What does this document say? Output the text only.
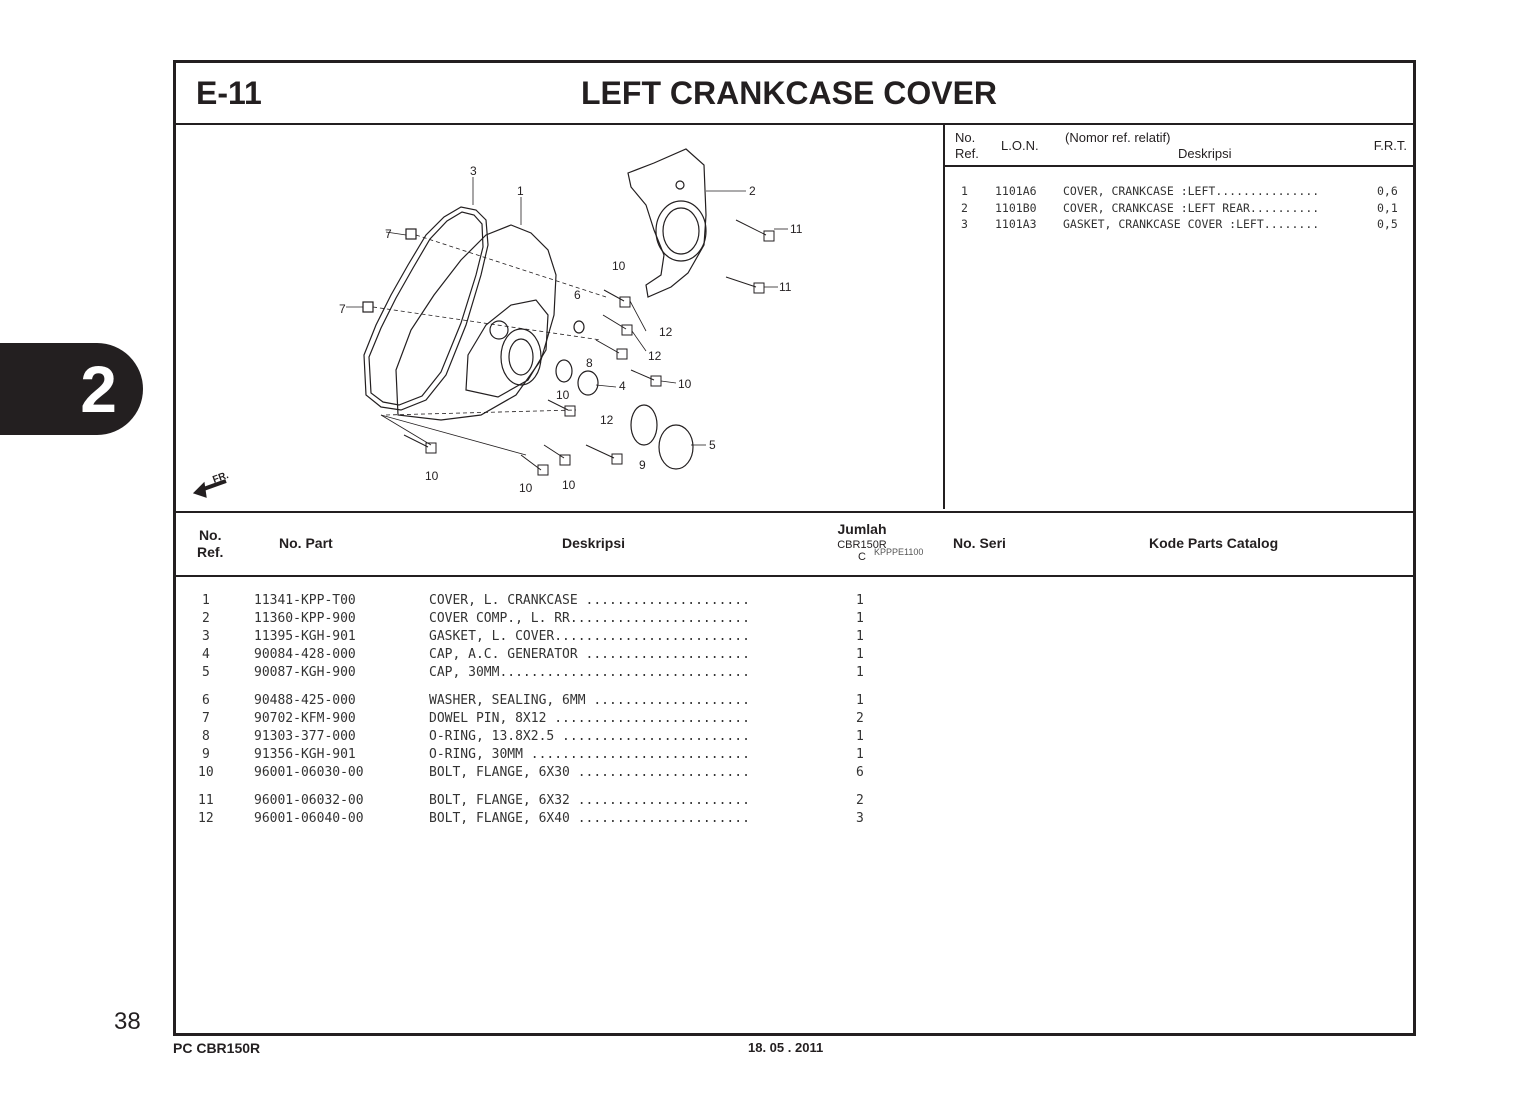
2
38
E-11	LEFT CRANKCASE COVER
3
1	2
11
11
7
7
10
6
12
12
8
4	10
10
12
9
5
10
10 10
FR.
KPPPE1100
No.
Ref.
L.O.N.
(Nomor ref. relatif)
Deskripsi
F.R.T.
1 1101A6 COVER, CRANKCASE :LEFT...............	0,6
2 1101B0 COVER, CRANKCASE :LEFT REAR..........	0,1
3 1101A3 GASKET, CRANKCASE COVER :LEFT........	0,5
No.
Ref.
No. Part	Deskripsi
Jumlah
CBR150R
C
No. Seri	Kode Parts Catalog
1	11341-KPP-T00	COVER, L. CRANKCASE .....................	1
2	11360-KPP-900	COVER COMP., L. RR.......................	1
3	11395-KGH-901	GASKET, L. COVER.........................	1
4	90084-428-000	CAP, A.C. GENERATOR .....................	1
5	90087-KGH-900	CAP, 30MM................................	1
6	90488-425-000	WASHER, SEALING, 6MM ....................	1
7	90702-KFM-900	DOWEL PIN, 8X12 .........................	2
8	91303-377-000	O-RING, 13.8X2.5 ........................	1
9	91356-KGH-901	O-RING, 30MM ............................	1
10	96001-06030-00	BOLT, FLANGE, 6X30 ......................	6
11	96001-06032-00	BOLT, FLANGE, 6X32 ......................	2
12	96001-06040-00	BOLT, FLANGE, 6X40 ......................	3
PC CBR150R	18. 05 . 2011
